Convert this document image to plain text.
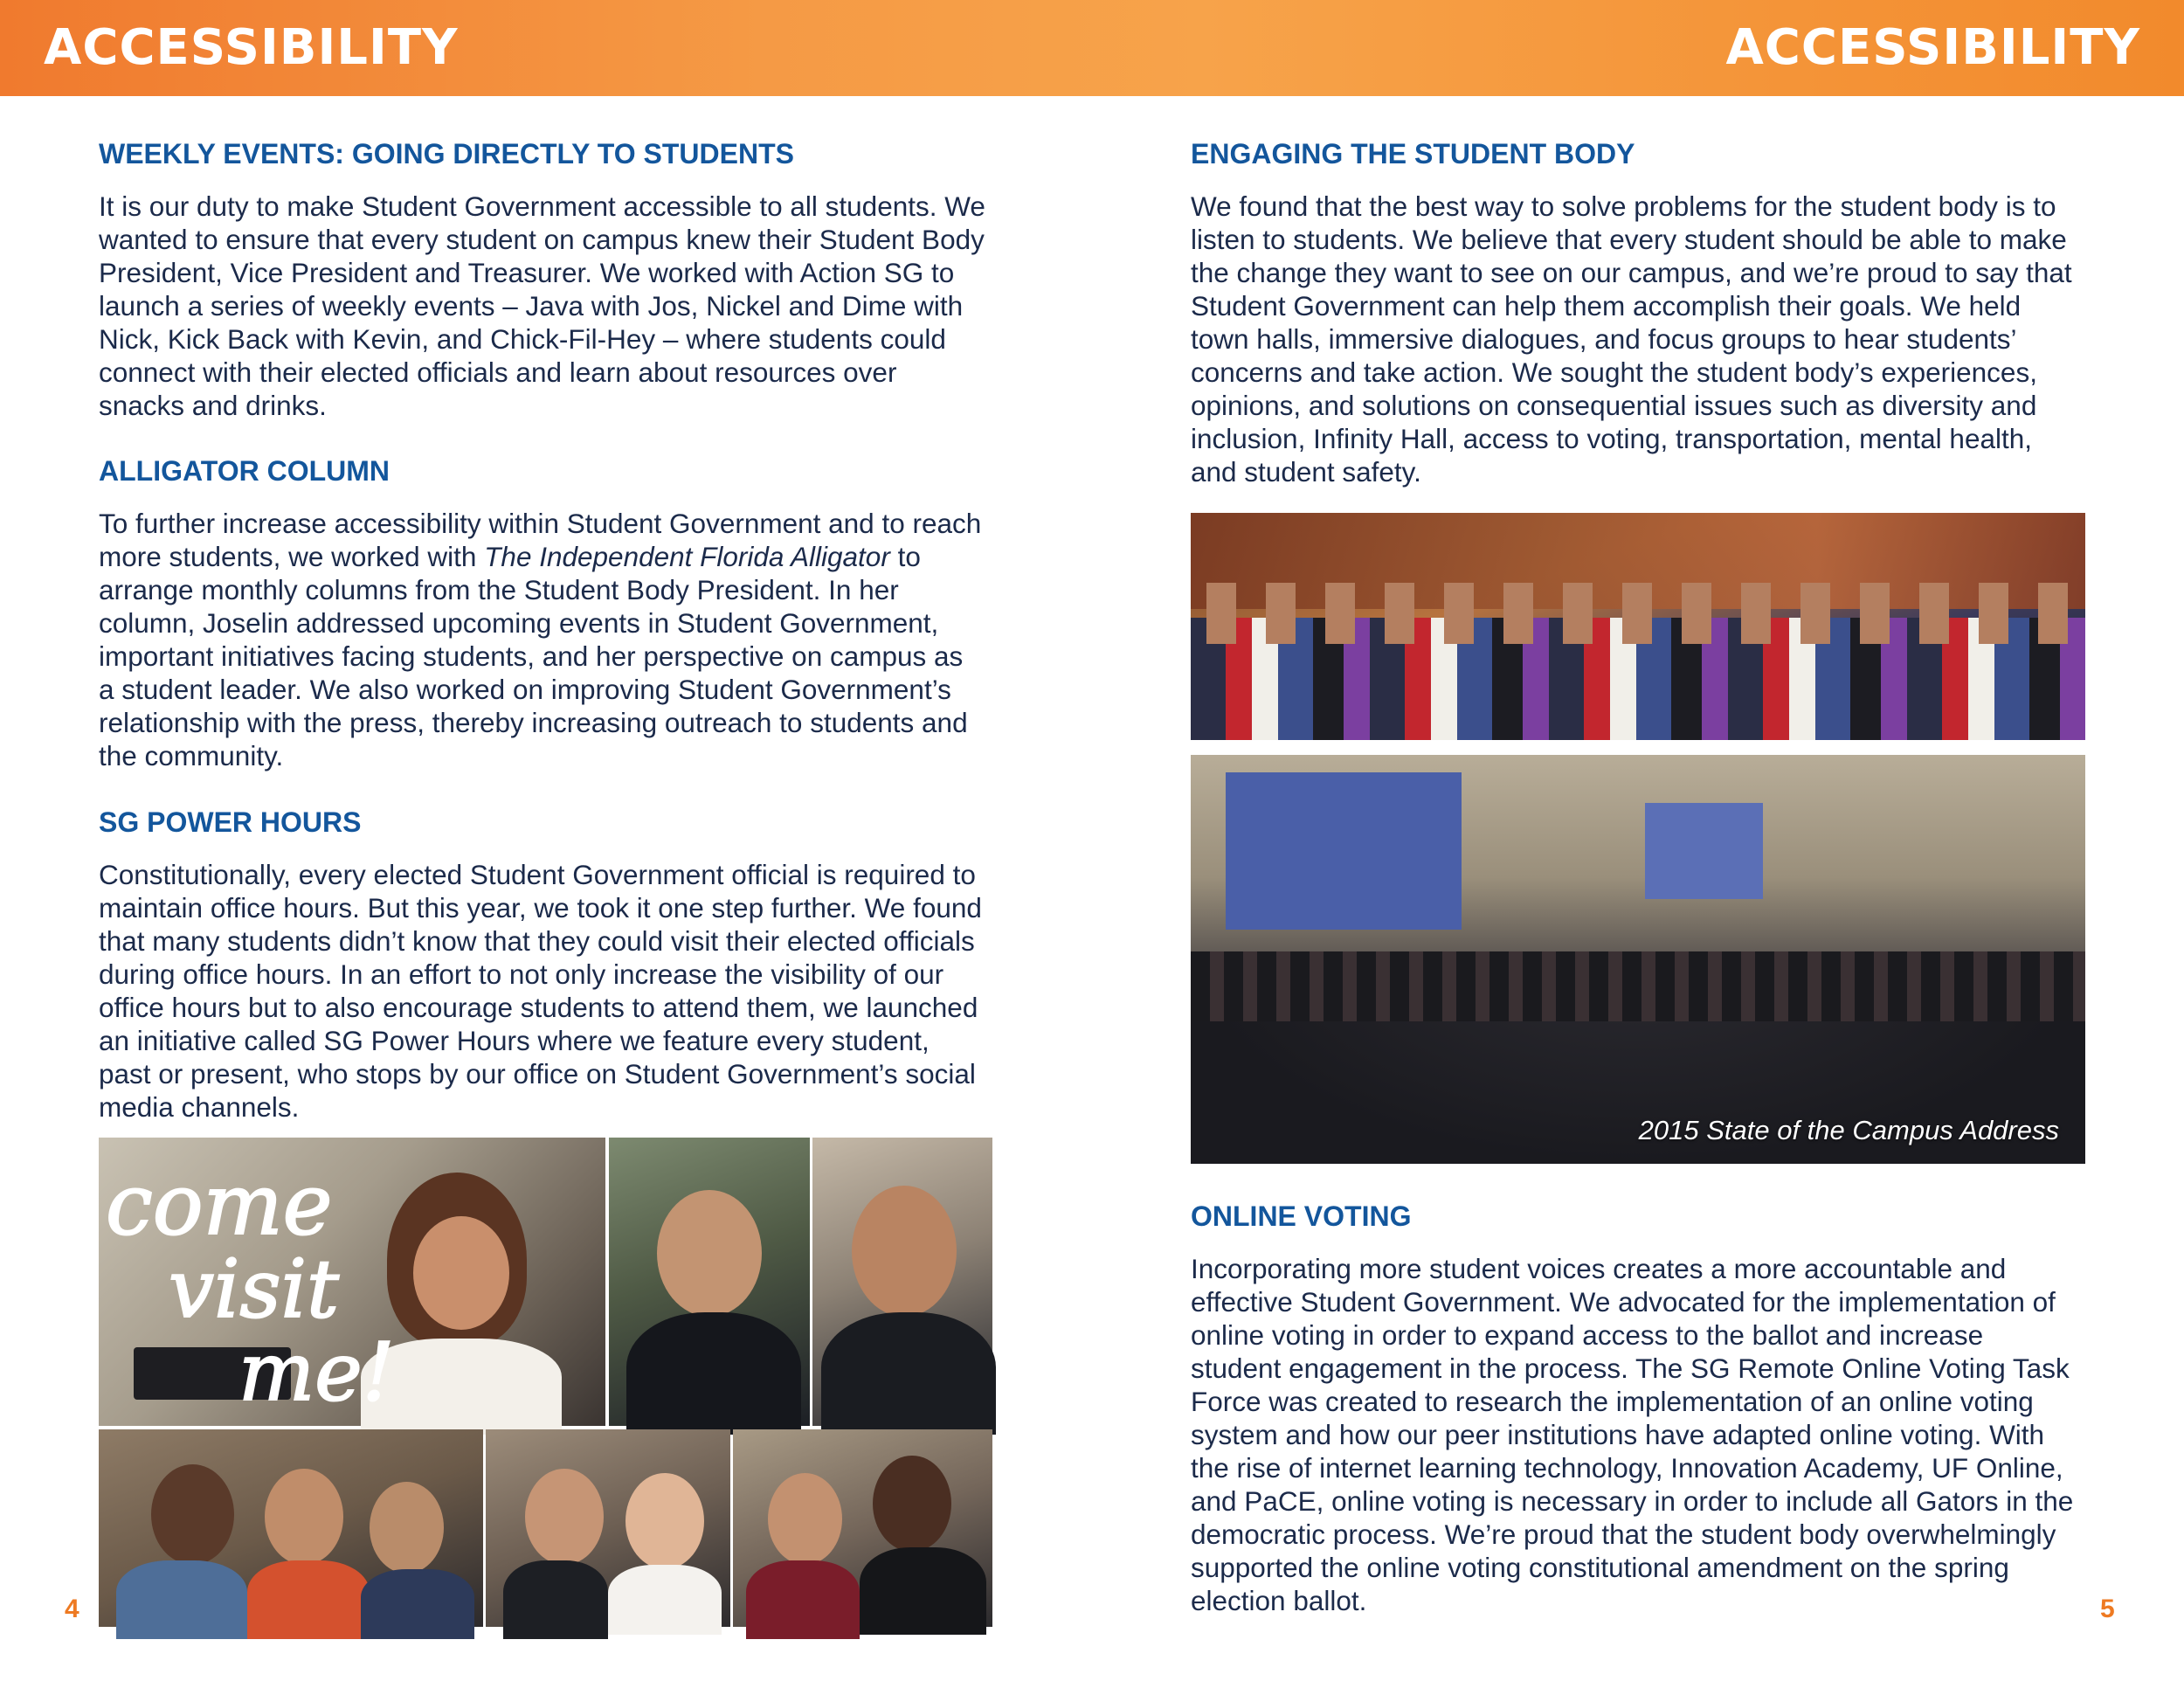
ACCESSIBILITY	ACCESSIBILITY
WEEKLY EVENTS: GOING DIRECTLY TO STUDENTS

It is our duty to make Student Government accessible to all students. We wanted to ensure that every student on campus knew their Student Body President, Vice President and Treasurer. We worked with Action SG to launch a series of weekly events – Java with Jos, Nickel and Dime with Nick, Kick Back with Kevin, and Chick-Fil-Hey – where students could connect with their elected officials and learn about resources over snacks and drinks.

ALLIGATOR COLUMN

To further increase accessibility within Student Government and to reach more students, we worked with The Independent Florida Alligator to arrange monthly columns from the Student Body President. In her column, Joselin addressed upcoming events in Student Government, important initiatives facing students, and her perspective on campus as a student leader. We also worked on improving Student Government’s relationship with the press, thereby increasing outreach to students and the community.

SG POWER HOURS

Constitutionally, every elected Student Government official is required to maintain office hours. But this year, we took it one step further. We found that many students didn’t know that they could visit their elected officials during office hours. In an effort to not only increase the visibility of our office hours but to also encourage students to attend them, we launched an initiative called SG Power Hours where we feature every student, past or present, who stops by our office on Student Government’s social media channels.

come
visit
me!
4
ENGAGING THE STUDENT BODY

We found that the best way to solve problems for the student body is to listen to students. We believe that every student should be able to make the change they want to see on our campus, and we’re proud to say that Student Government can help them accomplish their goals. We held town halls, immersive dialogues, and focus groups to hear students’ concerns and take action. We sought the student body’s experiences, opinions, and solutions on consequential issues such as diversity and inclusion, Infinity Hall, access to voting, transportation, mental health, and student safety.

2015 State of the Campus Address
ONLINE VOTING

Incorporating more student voices creates a more accountable and effective Student Government. We advocated for the implementation of online voting in order to expand access to the ballot and increase student engagement in the process. The SG Remote Online Voting Task Force was created to research the implementation of an online voting system and how our peer institutions have adapted online voting. With the rise of internet learning technology, Innovation Academy, UF Online, and PaCE, online voting is necessary in order to include all Gators in the democratic process. We’re proud that the student body overwhelmingly supported the online voting constitutional amendment on the spring election ballot.	5
